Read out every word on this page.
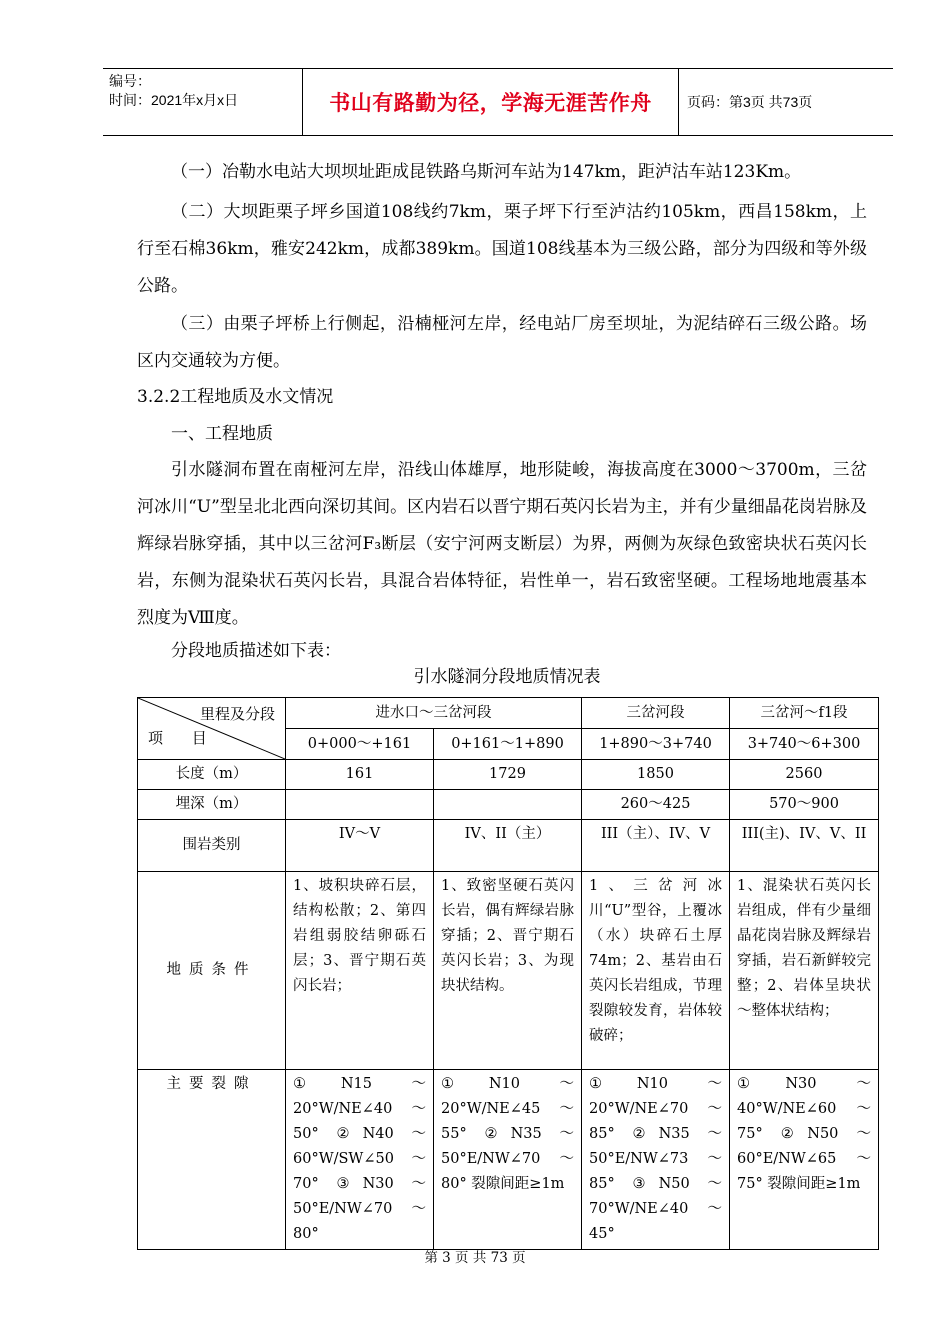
编号：
时间：2021年x月x日	书山有路勤为径，学海无涯苦作舟	页码：第3页 共73页
（一）冶勒水电站大坝坝址距成昆铁路乌斯河车站为147km，距泸沽车站123Km。
（二）大坝距栗子坪乡国道108线约7km，栗子坪下行至泸沽约105km，西昌158km，上行至石棉36km，雅安242km，成都389km。国道108线基本为三级公路，部分为四级和等外级公路。
（三）由栗子坪桥上行侧起，沿楠桠河左岸，经电站厂房至坝址，为泥结碎石三级公路。场区内交通较为方便。
3.2.2工程地质及水文情况
一、工程地质
引水隧洞布置在南桠河左岸，沿线山体雄厚，地形陡峻，海拔高度在3000～3700m，三岔河冰川“U”型呈北北西向深切其间。区内岩石以晋宁期石英闪长岩为主，并有少量细晶花岗岩脉及辉绿岩脉穿插，其中以三岔河F₃断层（安宁河两支断层）为界，两侧为灰绿色致密块状石英闪长岩，东侧为混染状石英闪长岩，具混合岩体特征，岩性单一，岩石致密坚硬。工程场地地震基本烈度为Ⅷ度。
分段地质描述如下表：
引水隧洞分段地质情况表
里程及分段
项 目	进水口～三岔河段		三岔河段	三岔河～f1段
	0+000～+161	0+161～1+890	1+890～3+740	3+740～6+300
长度（m）	161	1729	1850	2560
埋深（m）			260～425	570～900
围岩类别	IV～V	IV、II（主）	III（主）、IV、V	III(主)、IV、V、II
地质条件	1、坡积块碎石层，结构松散；2、第四岩组弱胶结卵砾石层；3、晋宁期石英闪长岩；	1、致密坚硬石英闪长岩，偶有辉绿岩脉穿插；2、晋宁期石英闪长岩；3、为现块状结构。	1、三岔河冰川“U”型谷，上覆冰（水）块碎石土厚74m；2、基岩由石英闪长岩组成，节理裂隙较发育，岩体较破碎；	1、混染状石英闪长岩组成，伴有少量细晶花岗岩脉及辉绿岩穿插，岩石新鲜较完整；2、岩体呈块状～整体状结构；
主要裂隙	①N15 ～ 20°W/NE∠40～50° ②N40 ～ 60°W/SW∠50～70° ③N30 ～ 50°E/NW∠70～80°	①N10 ～ 20°W/NE∠45～55° ②N35 ～ 50°E/NW∠70～80° 裂隙间距≥1m	①N10 ～ 20°W/NE∠70～85° ②N35 ～ 50°E/NW∠73～85° ③N50 ～ 70°W/NE∠40～45°	①N30 ～ 40°W/NE∠60～75° ②N50 ～ 60°E/NW∠65～75° 裂隙间距≥1m
第 3 页 共 73 页
